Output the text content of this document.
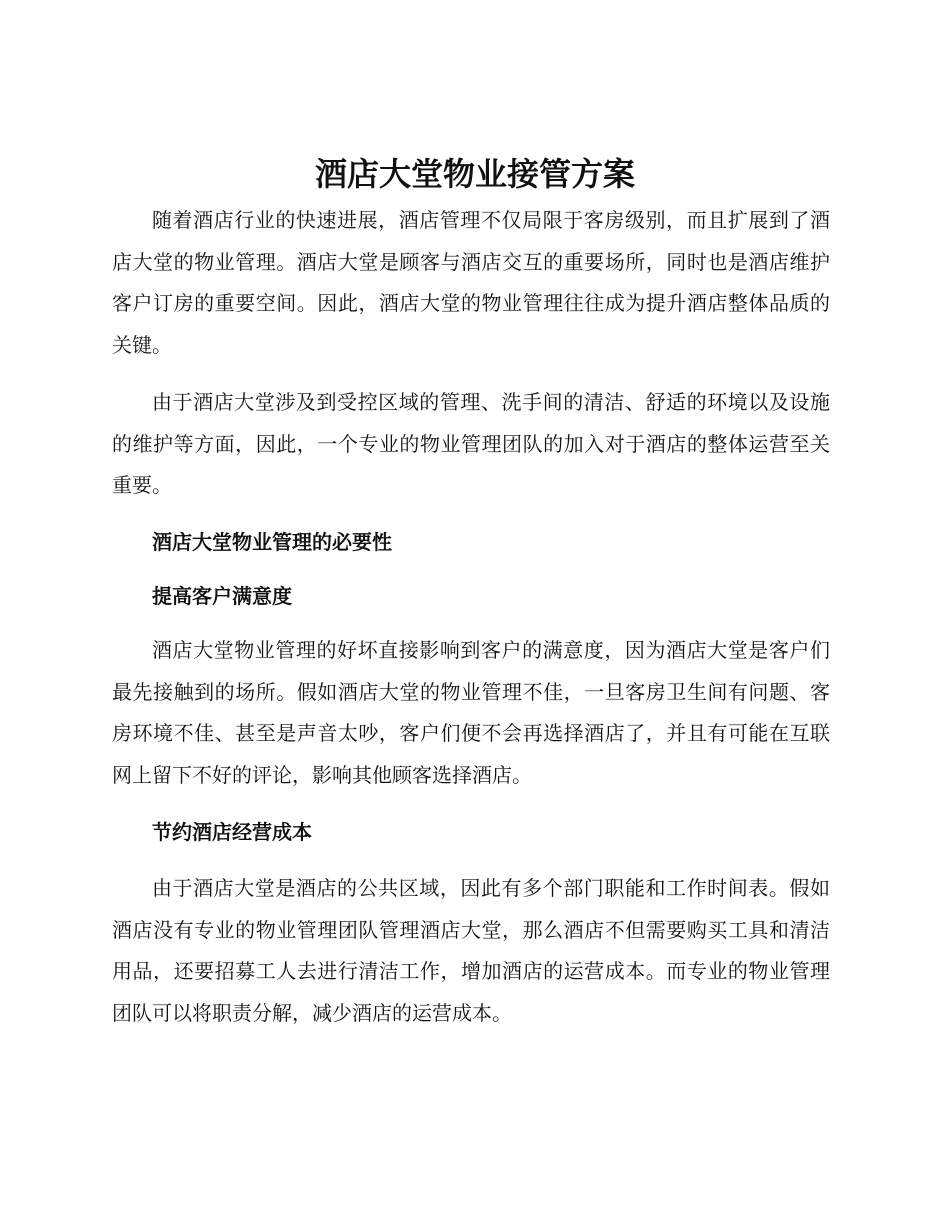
酒店大堂物业接管方案

随着酒店行业的快速进展，酒店管理不仅局限于客房级别，而且扩展到了酒店大堂的物业管理。酒店大堂是顾客与酒店交互的重要场所，同时也是酒店维护客户订房的重要空间。因此，酒店大堂的物业管理往往成为提升酒店整体品质的关键。

由于酒店大堂涉及到受控区域的管理、洗手间的清洁、舒适的环境以及设施的维护等方面，因此，一个专业的物业管理团队的加入对于酒店的整体运营至关重要。

酒店大堂物业管理的必要性
提高客户满意度

酒店大堂物业管理的好坏直接影响到客户的满意度，因为酒店大堂是客户们最先接触到的场所。假如酒店大堂的物业管理不佳，一旦客房卫生间有问题、客房环境不佳、甚至是声音太吵，客户们便不会再选择酒店了，并且有可能在互联网上留下不好的评论，影响其他顾客选择酒店。

节约酒店经营成本

由于酒店大堂是酒店的公共区域，因此有多个部门职能和工作时间表。假如酒店没有专业的物业管理团队管理酒店大堂，那么酒店不但需要购买工具和清洁用品，还要招募工人去进行清洁工作，增加酒店的运营成本。而专业的物业管理团队可以将职责分解，减少酒店的运营成本。
